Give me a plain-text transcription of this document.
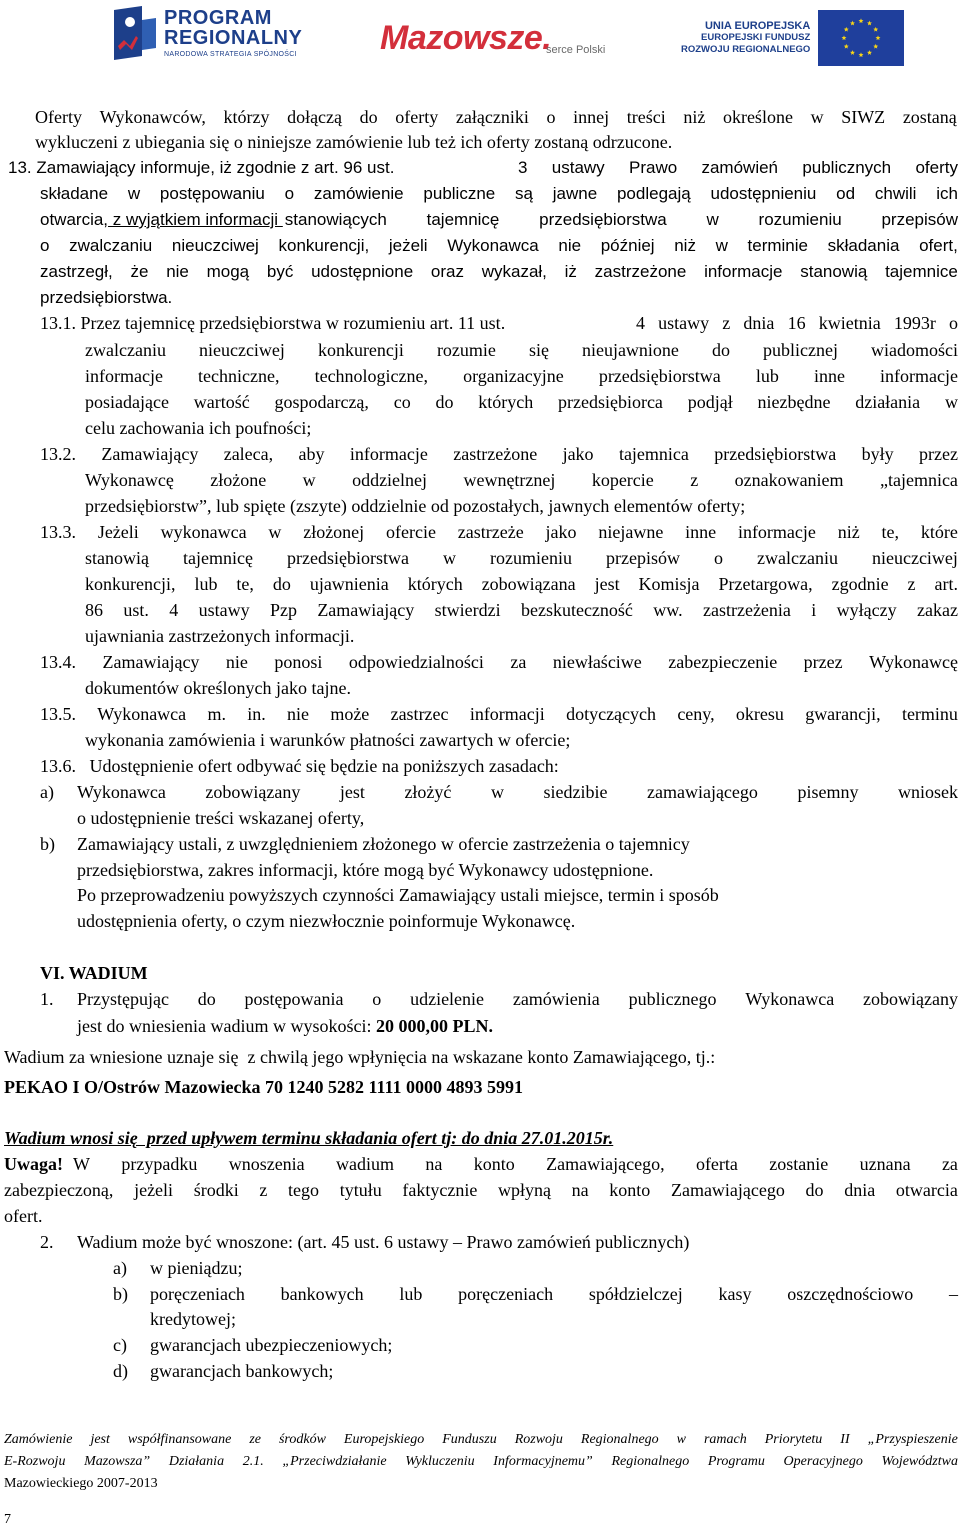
PROGRAM
REGIONALNY
NARODOWA STRATEGIA SPÓJNOŚCI Mazowsze.
serce Polski
UNIA EUROPEJSKA
EUROPEJSKI FUNDUSZ
ROZWOJU REGIONALNEGO
Oferty Wykonawców, którzy dołączą do oferty załączniki o innej treści niż określone w SIWZ zostaną
wykluczeni z ubiegania się o niniejsze zamówienie lub też ich oferty zostaną odrzucone.
13. Zamawiający informuje, iż zgodnie z art. 96 ust.	3 ustawy Prawo zamówień publicznych oferty
składane w postępowaniu o zamówienie publiczne są jawne podlegają udostępnieniu od chwili ich
otwarcia, z wyjątkiem informacji stanowiących tajemnicę przedsiębiorstwa w rozumieniu przepisów
o zwalczaniu nieuczciwej konkurencji, jeżeli Wykonawca nie później niż w terminie składania ofert,
zastrzegł, że nie mogą być udostępnione oraz wykazał, iż zastrzeżone informacje stanowią tajemnice
przedsiębiorstwa.
13.1. Przez tajemnicę przedsiębiorstwa w rozumieniu art. 11 ust.	4 ustawy z dnia 16 kwietnia 1993r o
zwalczaniu nieuczciwej konkurencji rozumie się nieujawnione do publicznej wiadomości
informacje techniczne, technologiczne, organizacyjne przedsiębiorstwa lub inne informacje
posiadające wartość gospodarczą, co do których przedsiębiorca podjął niezbędne działania w
celu zachowania ich poufności;
13.2. Zamawiający zaleca, aby informacje zastrzeżone jako tajemnica przedsiębiorstwa były przez
Wykonawcę złożone w oddzielnej wewnętrznej kopercie z oznakowaniem „tajemnica
przedsiębiorstw”, lub spięte (zszyte) oddzielnie od pozostałych, jawnych elementów oferty;
13.3. Jeżeli wykonawca w złożonej ofercie zastrzeże jako niejawne inne informacje niż te, które
stanowią tajemnicę przedsiębiorstwa w rozumieniu przepisów o zwalczaniu nieuczciwej
konkurencji, lub te, do ujawnienia których zobowiązana jest Komisja Przetargowa, zgodnie z art.
86 ust. 4 ustawy Pzp Zamawiający stwierdzi bezskuteczność ww. zastrzeżenia i wyłączy zakaz
ujawniania zastrzeżonych informacji.
13.4. Zamawiający nie ponosi odpowiedzialności za niewłaściwe zabezpieczenie przez Wykonawcę
dokumentów określonych jako tajne.
13.5. Wykonawca m. in. nie może zastrzec informacji dotyczących ceny, okresu gwarancji, terminu
wykonania zamówienia i warunków płatności zawartych w ofercie;
13.6.   Udostępnienie ofert odbywać się będzie na poniższych zasadach:
a) Wykonawca zobowiązany jest złożyć w siedzibie zamawiającego pisemny wniosek
o udostępnienie treści wskazanej oferty,
b) Zamawiający ustali, z uwzględnieniem złożonego w ofercie zastrzeżenia o tajemnicy
przedsiębiorstwa, zakres informacji, które mogą być Wykonawcy udostępnione.
Po przeprowadzeniu powyższych czynności Zamawiający ustali miejsce, termin i sposób
udostępnienia oferty, o czym niezwłocznie poinformuje Wykonawcę.
VI. WADIUM
1. Przystępując do postępowania o udzielenie zamówienia publicznego Wykonawca zobowiązany
jest do wniesienia wadium w wysokości: 20 000,00 PLN.
Wadium za wniesione uznaje się  z chwilą jego wpłynięcia na wskazane konto Zamawiającego, tj.:
PEKAO I O/Ostrów Mazowiecka 70 1240 5282 1111 0000 4893 5991
Wadium wnosi się  przed upływem terminu składania ofert tj: do dnia 27.01.2015r.
Uwaga! W przypadku wnoszenia wadium na konto Zamawiającego, oferta zostanie uznana za
zabezpieczoną, jeżeli środki z tego tytułu faktycznie wpłyną na konto Zamawiającego do dnia otwarcia
ofert.
2. Wadium może być wnoszone: (art. 45 ust. 6 ustawy – Prawo zamówień publicznych)
a) w pieniądzu;
b) poręczeniach bankowych lub poręczeniach spółdzielczej kasy oszczędnościowo –
kredytowej;
c) gwarancjach ubezpieczeniowych;
d) gwarancjach bankowych;
Zamówienie jest współfinansowane ze środków Europejskiego Funduszu Rozwoju Regionalnego w ramach Priorytetu II „Przyspieszenie
E-Rozwoju Mazowsza” Działania 2.1. „Przeciwdziałanie Wykluczeniu Informacyjnemu” Regionalnego Programu Operacyjnego Województwa
Mazowieckiego 2007-2013
7
